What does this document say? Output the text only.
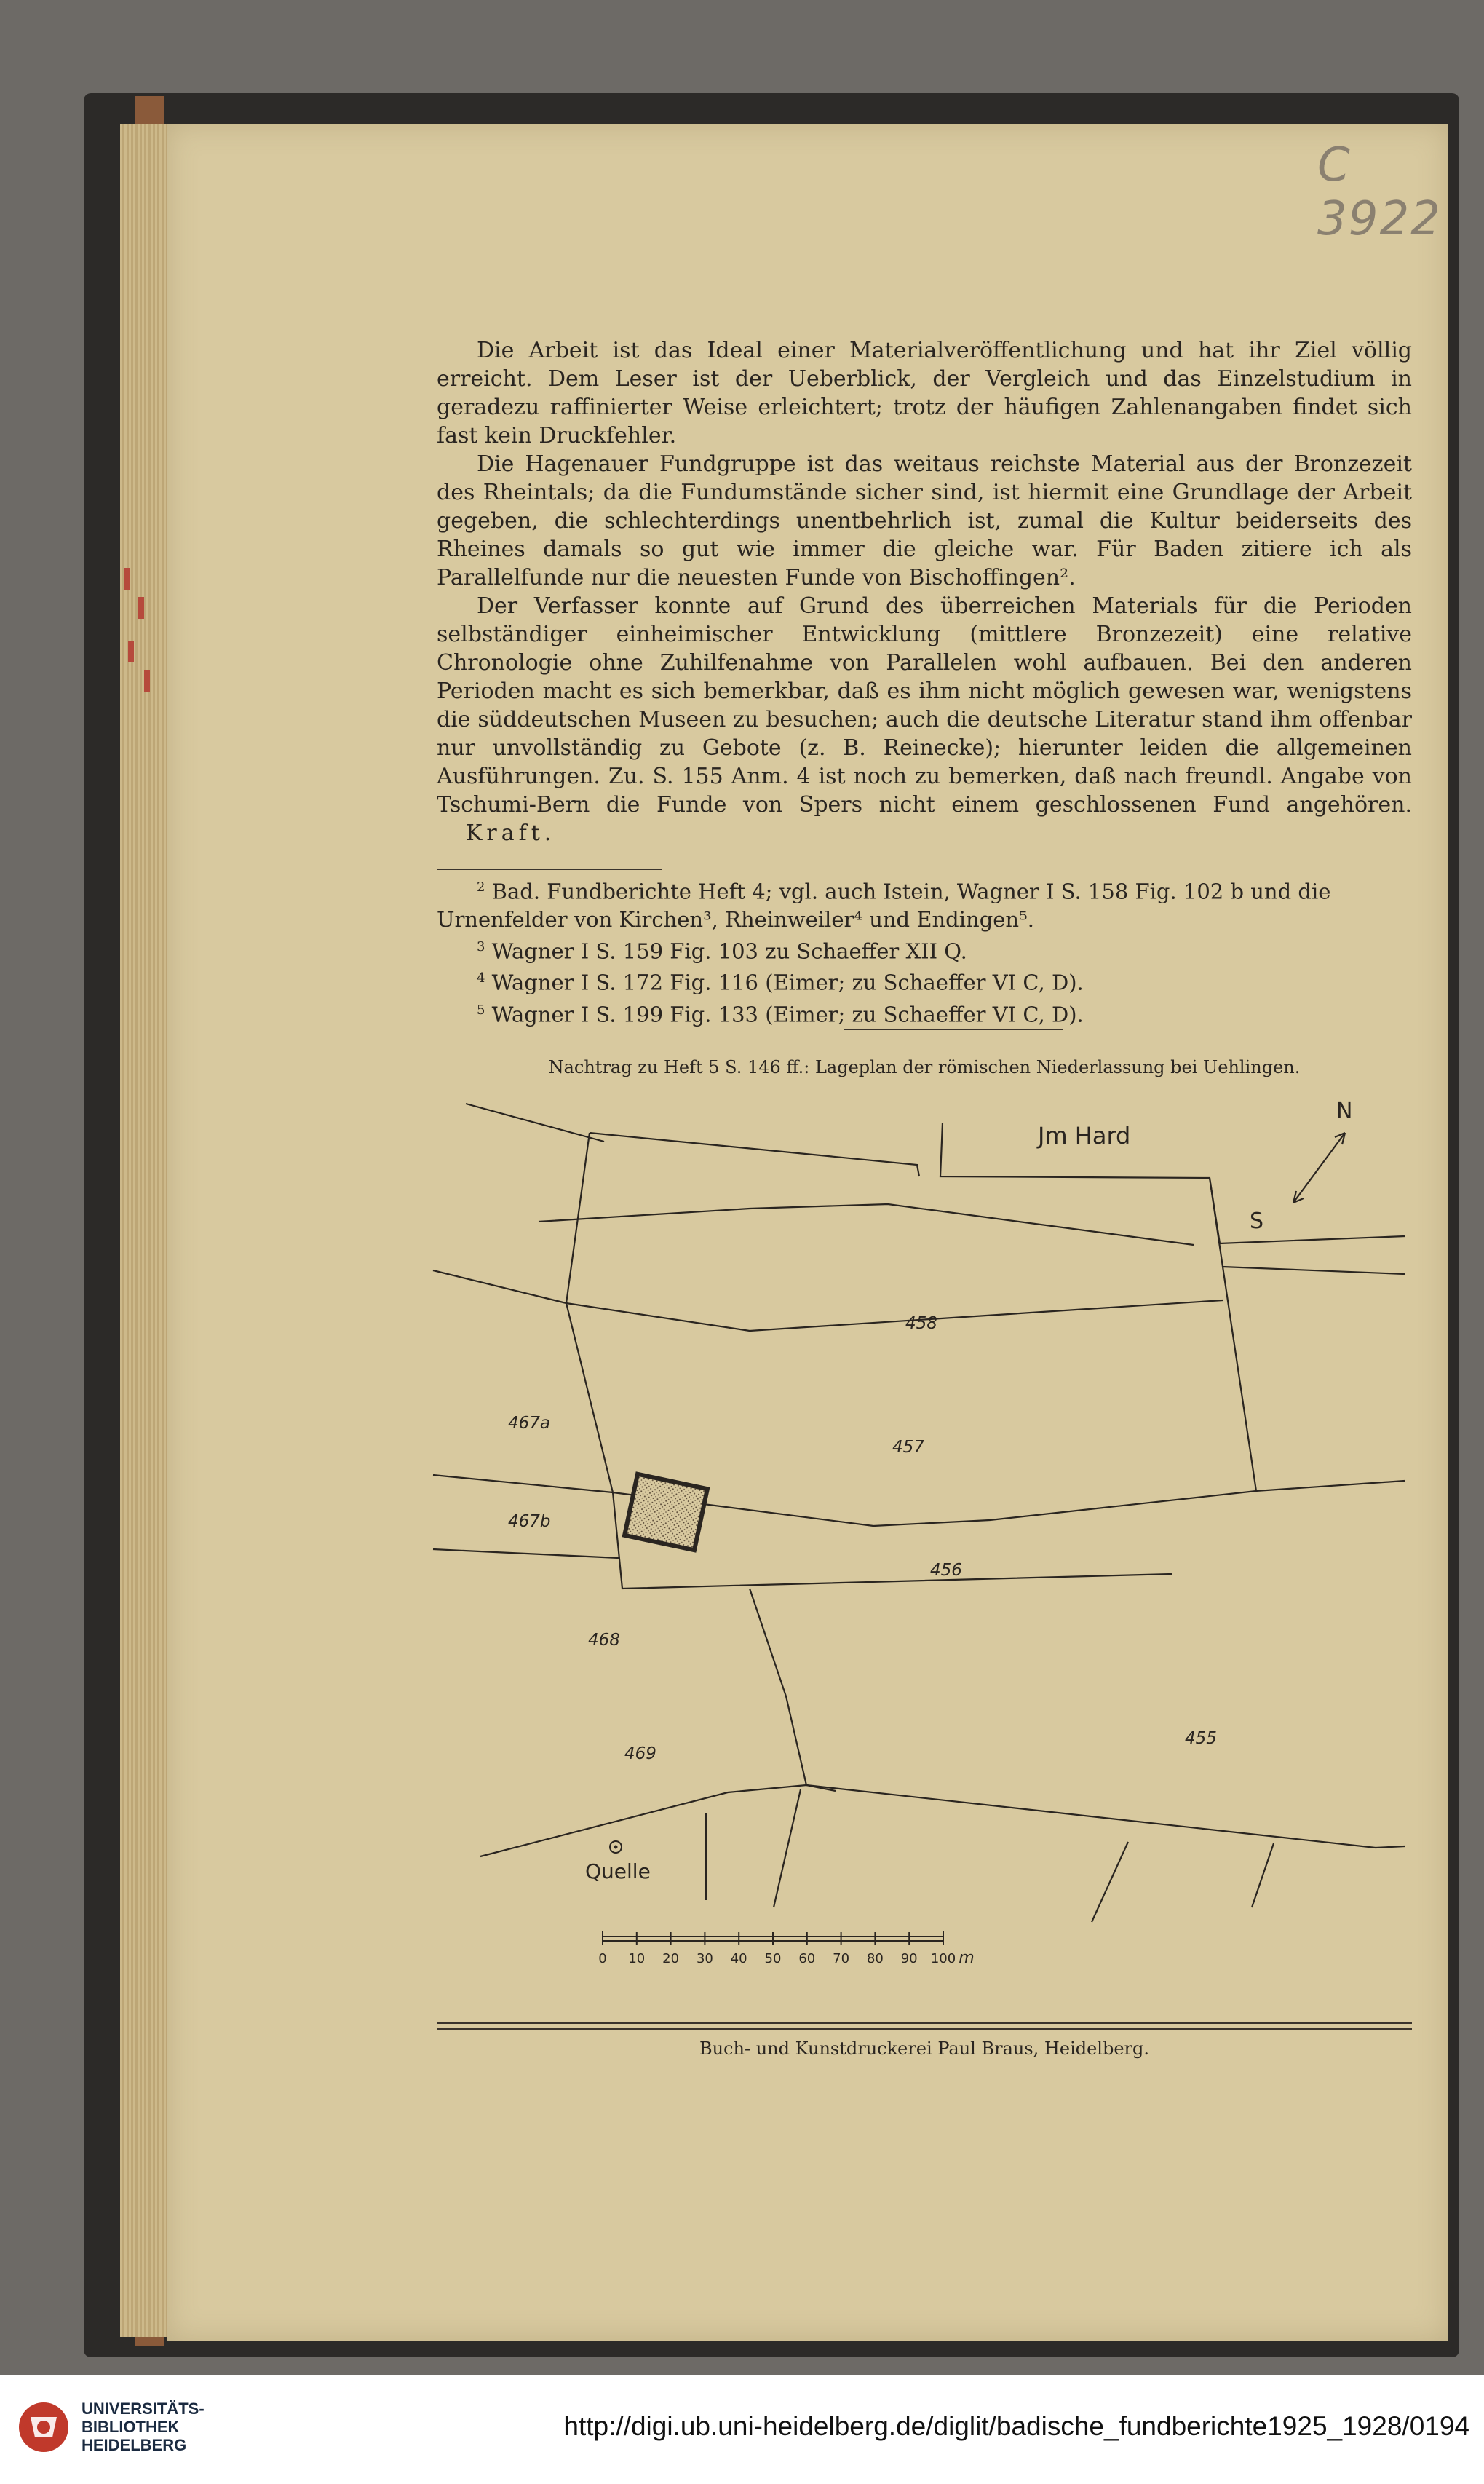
C 3922

Die Arbeit ist das Ideal einer Materialveröffentlichung und hat ihr Ziel völlig erreicht. Dem Leser ist der Ueberblick, der Vergleich und das Einzelstudium in geradezu raffinierter Weise erleichtert; trotz der häufigen Zahlenangaben findet sich fast kein Druckfehler.

Die Hagenauer Fundgruppe ist das weitaus reichste Material aus der Bronzezeit des Rheintals; da die Fundumstände sicher sind, ist hiermit eine Grundlage der Arbeit gegeben, die schlechterdings unentbehrlich ist, zumal die Kultur beiderseits des Rheines damals so gut wie immer die gleiche war. Für Baden zitiere ich als Parallelfunde nur die neuesten Funde von Bischoffingen².

Der Verfasser konnte auf Grund des überreichen Materials für die Perioden selbständiger einheimischer Entwicklung (mittlere Bronzezeit) eine relative Chronologie ohne Zuhilfenahme von Parallelen wohl aufbauen. Bei den anderen Perioden macht es sich bemerkbar, daß es ihm nicht möglich gewesen war, wenigstens die süddeutschen Museen zu besuchen; auch die deutsche Literatur stand ihm offenbar nur unvollständig zu Gebote (z. B. Reinecke); hierunter leiden die allgemeinen Ausführungen. Zu. S. 155 Anm. 4 ist noch zu bemerken, daß nach freundl. Angabe von Tschumi-Bern die Funde von Spers nicht einem geschlossenen Fund angehören. Kraft.

$^2$ Bad. Fundberichte Heft 4; vgl. auch Istein, Wagner I S. 158 Fig. 102 b und die Urnenfelder von Kirchen³, Rheinweiler⁴ und Endingen⁵.
$^3$ Wagner I S. 159 Fig. 103 zu Schaeffer XII Q.
$^4$ Wagner I S. 172 Fig. 116 (Eimer; zu Schaeffer VI C, D).
$^5$ Wagner I S. 199 Fig. 133 (Eimer; zu Schaeffer VI C, D).
Nachtrag zu Heft 5 S. 146 ff.: Lageplan der römischen Niederlassung bei Uehlingen.
Jm Hard
N
S
458
457
456
455
467a
467b
468
469
Quelle
0 10 20 30 40 50 60 70 80 90 100 m
Buch- und Kunstdruckerei Paul Braus, Heidelberg.
UNIVERSITÄTS-
BIBLIOTHEK
HEIDELBERG
http://digi.ub.uni-heidelberg.de/diglit/badische_fundberichte1925_1928/0194
